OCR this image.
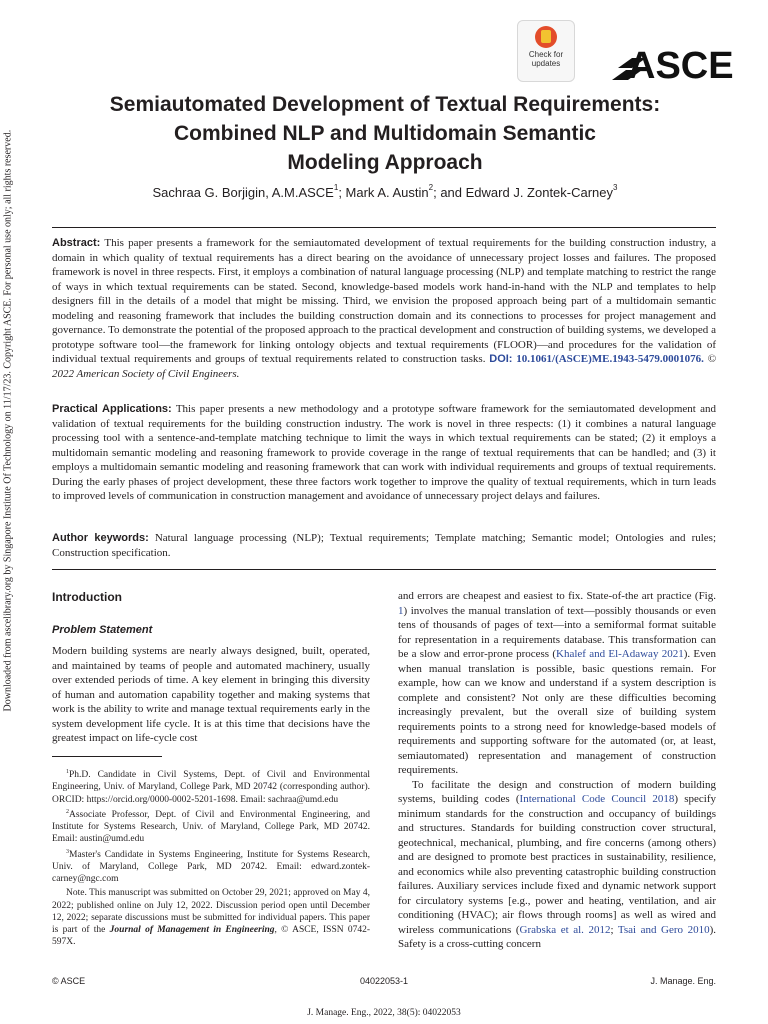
Downloaded from ascelibrary.org by Singapore Institute Of Technology on 11/17/23. Copyright ASCE. For personal use only; all rights reserved.
Check for
updates	ASCE
Semiautomated Development of Textual Requirements:
Combined NLP and Multidomain Semantic
Modeling Approach
Sachraa G. Borjigin, A.M.ASCE$^1$; Mark A. Austin$^2$; and Edward J. Zontek-Carney$^3$
Abstract: This paper presents a framework for the semiautomated development of textual requirements for the building construction industry, a domain in which quality of textual requirements has a direct bearing on the avoidance of unnecessary project losses and failures. The proposed framework is novel in three respects. First, it employs a combination of natural language processing (NLP) and template matching to restrict the range of ways in which textual requirements can be stated. Second, knowledge-based models work hand-in-hand with the NLP and templates to help designers fill in the details of a model that might be missing. Third, we envision the proposed approach being part of a multidomain semantic modeling and reasoning framework that includes the building construction domain and its connections to processes for project management and governance. To demonstrate the potential of the proposed approach to the practical development and construction of building systems, we developed a prototype software tool—the framework for linking ontology objects and textual requirements (FLOOR)—and procedures for the validation of individual textual requirements and groups of textual requirements related to construction tasks. DOI: 10.1061/(ASCE)ME.1943-5479.0001076. © 2022 American Society of Civil Engineers.
Practical Applications: This paper presents a new methodology and a prototype software framework for the semiautomated development and validation of textual requirements for the building construction industry. The work is novel in three respects: (1) it combines a natural language processing tool with a sentence-and-template matching technique to limit the ways in which textual requirements can be stated; (2) it employs a multidomain semantic modeling and reasoning framework to provide coverage in the range of textual requirements that can be handled; and (3) it employs a multidomain semantic modeling and reasoning framework that can work with individual requirements and groups of textual requirements. During the early phases of project development, these three factors work together to improve the quality of textual requirements, which in turn leads to improved levels of communication in construction management and avoidance of unnecessary project delays and failures.
Author keywords: Natural language processing (NLP); Textual requirements; Template matching; Semantic model; Ontologies and rules; Construction specification.
Introduction
Problem Statement
Modern building systems are nearly always designed, built, operated, and maintained by teams of people and automated machinery, usually over extended periods of time. A key element in bringing this diversity of human and automation capability together and making systems that work is the ability to write and manage textual requirements early in the system development life cycle. It is at this time that decisions have the greatest impact on life-cycle cost

$^1$Ph.D. Candidate in Civil Systems, Dept. of Civil and Environmental Engineering, Univ. of Maryland, College Park, MD 20742 (corresponding author). ORCID: https://orcid.org/0000-0002-5201-1698. Email: sachraa@umd.edu

$^2$Associate Professor, Dept. of Civil and Environmental Engineering, and Institute for Systems Research, Univ. of Maryland, College Park, MD 20742. Email: austin@umd.edu

$^3$Master's Candidate in Systems Engineering, Institute for Systems Research, Univ. of Maryland, College Park, MD 20742. Email: edward.zontek-carney@ngc.com

Note. This manuscript was submitted on October 29, 2021; approved on May 4, 2022; published online on July 12, 2022. Discussion period open until December 12, 2022; separate discussions must be submitted for individual papers. This paper is part of the Journal of Management in Engineering, © ASCE, ISSN 0742-597X.

and errors are cheapest and easiest to fix. State-of-the art practice (Fig. 1) involves the manual translation of text—possibly thousands or even tens of thousands of pages of text—into a semiformal format suitable for representation in a requirements database. This transformation can be a slow and error-prone process (Khalef and El-Adaway 2021). Even when manual translation is possible, basic questions remain. For example, how can we know and understand if a system description is complete and consistent? Not only are these difficulties becoming increasingly prevalent, but the overall size of building system requirements points to a strong need for knowledge-based models of requirements and supporting software for the automated (or, at least, semiautomated) representation and management of construction requirements.

To facilitate the design and construction of modern building systems, building codes (International Code Council 2018) specify minimum standards for the construction and occupancy of buildings and structures. Standards for building construction cover structural, geotechnical, mechanical, plumbing, and fire concerns (among others) and are designed to promote best practices in sustainability, resilience, and economics while also preventing catastrophic building construction failures. Auxiliary services include fixed and dynamic network support for circulatory systems [e.g., power and heating, ventilation, and air conditioning (HVAC); air flows through rooms] as well as wired and wireless communications (Grabska et al. 2012; Tsai and Gero 2010). Safety is a cross-cutting concern

© ASCE	04022053-1	J. Manage. Eng.
J. Manage. Eng., 2022, 38(5): 04022053
